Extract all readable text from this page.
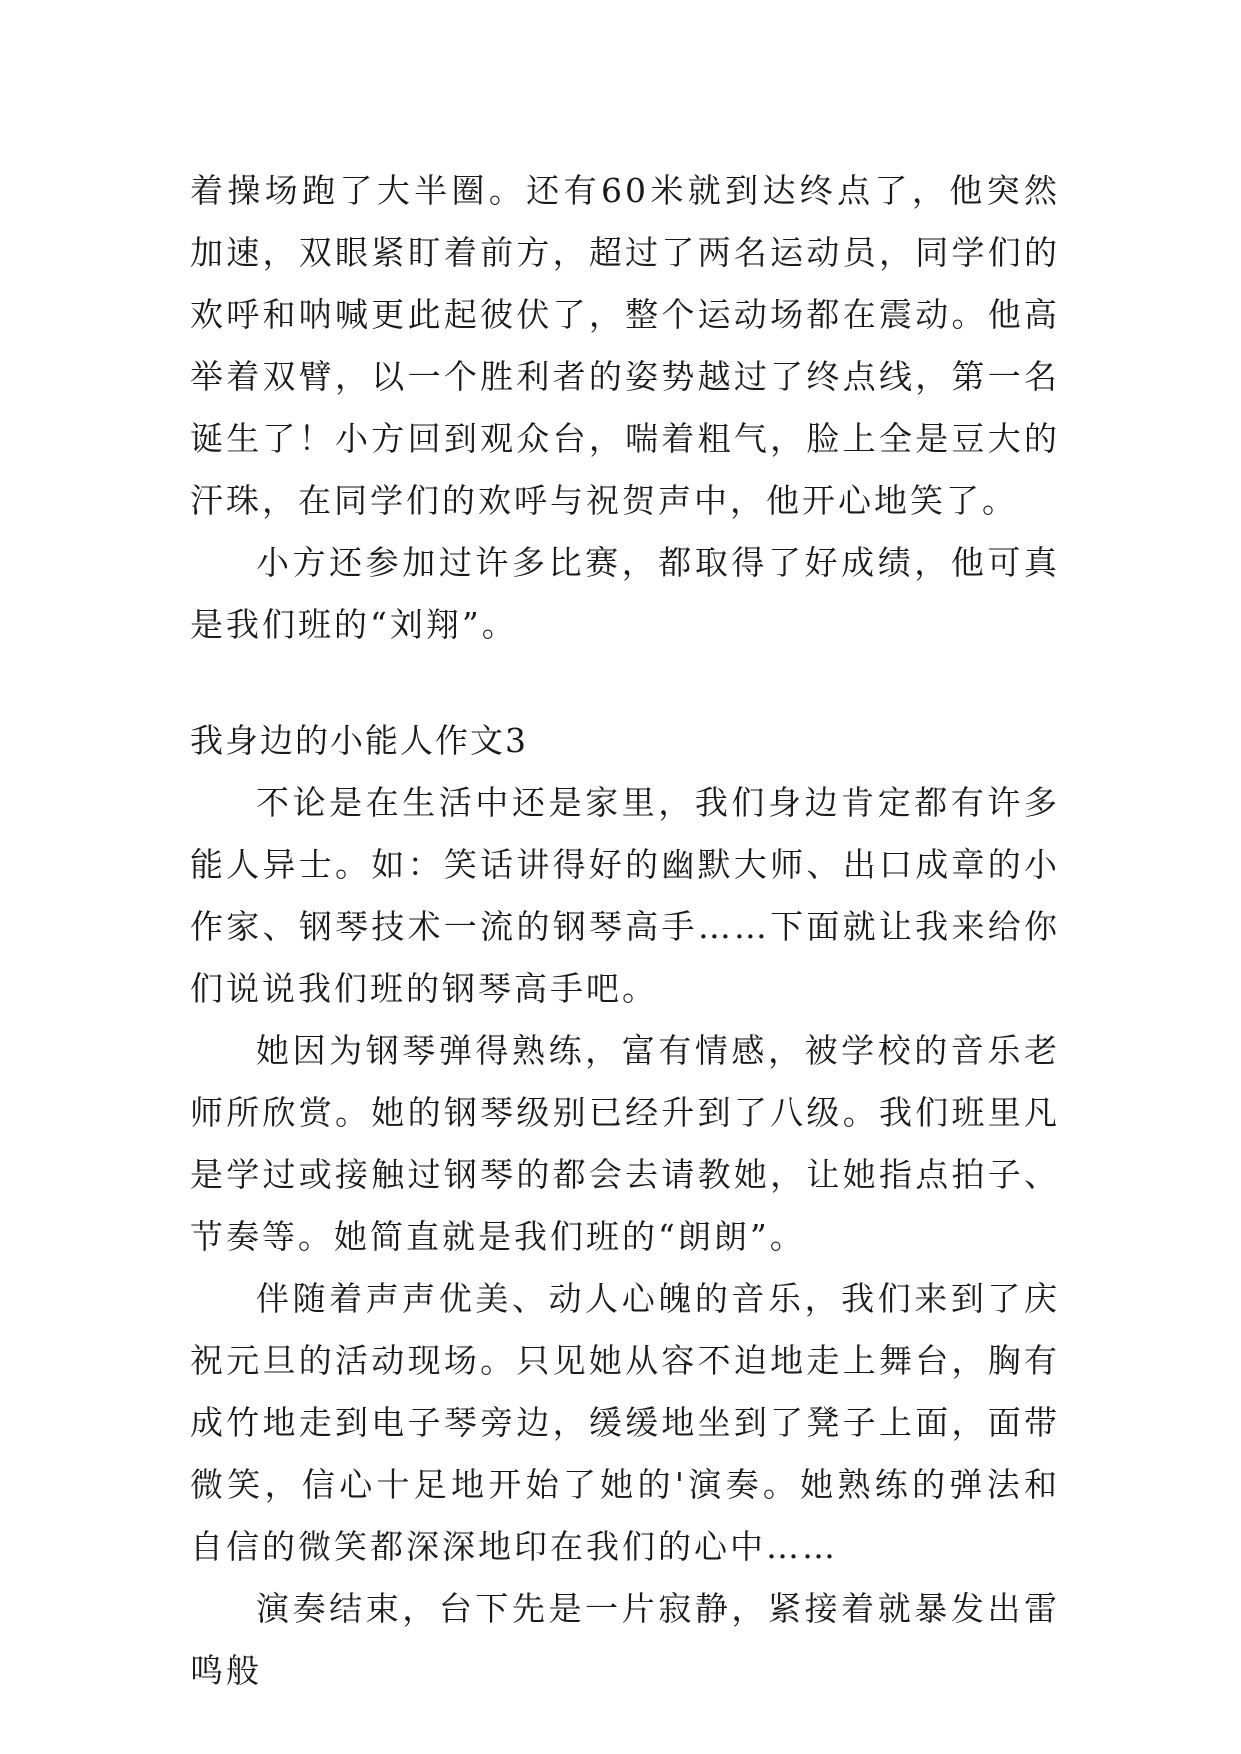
着操场跑了大半圈。还有60米就到达终点了，他突然加速，双眼紧盯着前方，超过了两名运动员，同学们的欢呼和呐喊更此起彼伏了，整个运动场都在震动。他高举着双臂，以一个胜利者的姿势越过了终点线，第一名诞生了！小方回到观众台，喘着粗气，脸上全是豆大的汗珠，在同学们的欢呼与祝贺声中，他开心地笑了。

小方还参加过许多比赛，都取得了好成绩，他可真是我们班的“刘翔”。

我身边的小能人作文3

不论是在生活中还是家里，我们身边肯定都有许多能人异士。如：笑话讲得好的幽默大师、出口成章的小作家、钢琴技术一流的钢琴高手……下面就让我来给你们说说我们班的钢琴高手吧。

她因为钢琴弹得熟练，富有情感，被学校的音乐老师所欣赏。她的钢琴级别已经升到了八级。我们班里凡是学过或接触过钢琴的都会去请教她，让她指点拍子、节奏等。她简直就是我们班的“朗朗”。

伴随着声声优美、动人心魄的音乐，我们来到了庆祝元旦的活动现场。只见她从容不迫地走上舞台，胸有成竹地走到电子琴旁边，缓缓地坐到了凳子上面，面带微笑，信心十足地开始了她的'演奏。她熟练的弹法和自信的微笑都深深地印在我们的心中……

演奏结束，台下先是一片寂静，紧接着就暴发出雷鸣般
